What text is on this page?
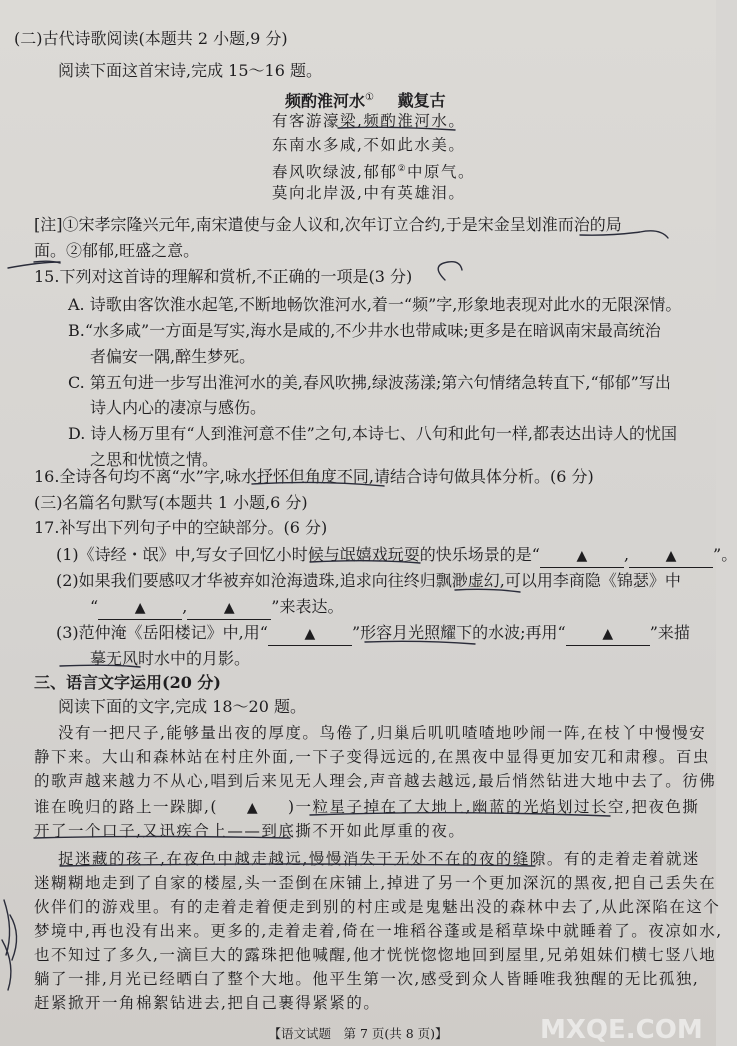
(二)古代诗歌阅读(本题共 2 小题,9 分)
阅读下面这首宋诗,完成 15～16 题。
频酌淮河水① 戴复古
有客游濠梁,频酌淮河水。
东南水多咸,不如此水美。
春风吹绿波,郁郁②中原气。
莫向北岸汲,中有英雄泪。
[注]①宋孝宗隆兴元年,南宋遣使与金人议和,次年订立合约,于是宋金呈划淮而治的局
面。②郁郁,旺盛之意。
15.下列对这首诗的理解和赏析,不正确的一项是(3 分)
A. 诗歌由客饮淮水起笔,不断地畅饮淮河水,着一“频”字,形象地表现对此水的无限深情。
B.“水多咸”一方面是写实,海水是咸的,不少井水也带咸味;更多是在暗讽南宋最高统治
者偏安一隅,醉生梦死。
C. 第五句进一步写出淮河水的美,春风吹拂,绿波荡漾;第六句情绪急转直下,“郁郁”写出
诗人内心的凄凉与感伤。
D. 诗人杨万里有“人到淮河意不佳”之句,本诗七、八句和此句一样,都表达出诗人的忧国
之思和忧愤之情。
16.全诗各句均不离“水”字,咏水抒怀但角度不同,请结合诗句做具体分析。(6 分)
(三)名篇名句默写(本题共 1 小题,6 分)
17.补写出下列句子中的空缺部分。(6 分)
(1)《诗经・氓》中,写女子回忆小时候与氓嬉戏玩耍的快乐场景的是“	▲ ,	▲ ”。
(2)如果我们要感叹才华被弃如沧海遗珠,追求向往终归飘渺虚幻,可以用李商隐《锦瑟》中
“	▲ ,	▲ ”来表达。
(3)范仲淹《岳阳楼记》中,用“	▲ ”形容月光照耀下的水波;再用“	▲ ”来描
摹无风时水中的月影。
三、语言文字运用(20 分)
阅读下面的文字,完成 18～20 题。
没有一把尺子,能够量出夜的厚度。鸟倦了,归巢后叽叽喳喳地吵闹一阵,在枝丫中慢慢安
静下来。大山和森林站在村庄外面,一下子变得远远的,在黑夜中显得更加安兀和肃穆。百虫
的歌声越来越力不从心,唱到后来见无人理会,声音越去越远,最后悄然钻进大地中去了。彷佛
谁在晚归的路上一跺脚,( ▲ )一粒星子掉在了大地上,幽蓝的光焰划过长空,把夜色撕
开了一个口子,又迅疾合上——到底撕不开如此厚重的夜。
捉迷藏的孩子,在夜色中越走越远,慢慢消失于无处不在的夜的缝隙。有的走着走着就迷
迷糊糊地走到了自家的楼屋,头一歪倒在床铺上,掉进了另一个更加深沉的黑夜,把自己丢失在
伙伴们的游戏里。有的走着走着便走到别的村庄或是鬼魅出没的森林中去了,从此深陷在这个
梦境中,再也没有出来。更多的,走着走着,倚在一堆稻谷蓬或是稻草垛中就睡着了。夜凉如水,
也不知过了多久,一滴巨大的露珠把他喊醒,他才恍恍惚惚地回到屋里,兄弟姐妹们横七竖八地
躺了一排,月光已经晒白了整个大地。他平生第一次,感受到众人皆睡唯我独醒的无比孤独,
赶紧掀开一角棉絮钻进去,把自己裹得紧紧的。
【语文试题　第 7 页(共 8 页)】	MXQE.COM
